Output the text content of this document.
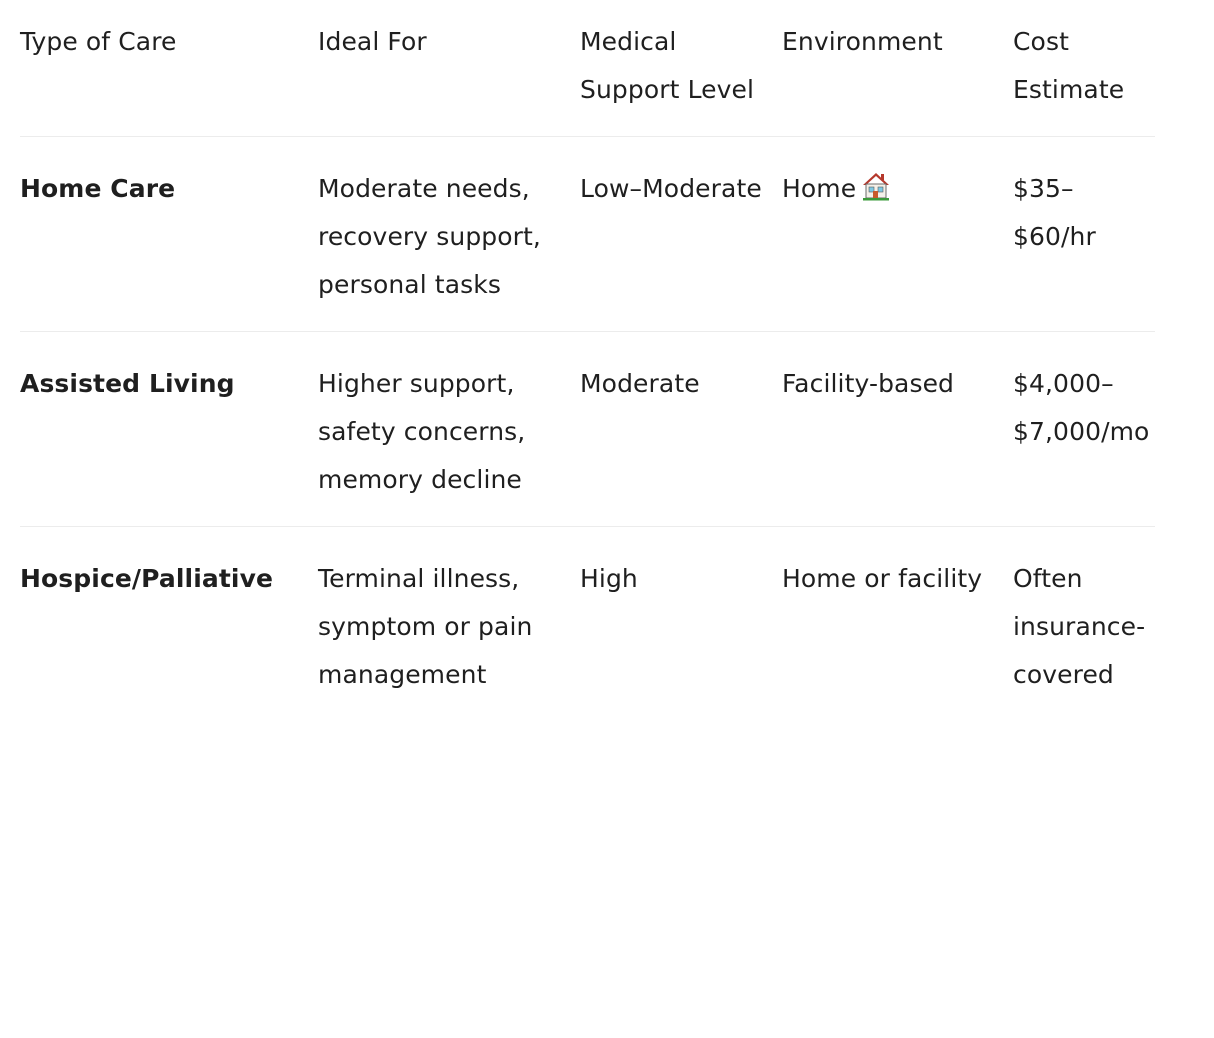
Type of Care	Ideal For	Medical Support Level	Environment	Cost Estimate
Home Care	Moderate needs, recovery support, personal tasks	Low–Moderate	Home	$35–$60/hr
Assisted Living	Higher support, safety concerns, memory decline	Moderate	Facility-based	$4,000–$7,000/mo
Hospice/Palliative	Terminal illness, symptom or pain management	High	Home or facility	Often insurance-covered
